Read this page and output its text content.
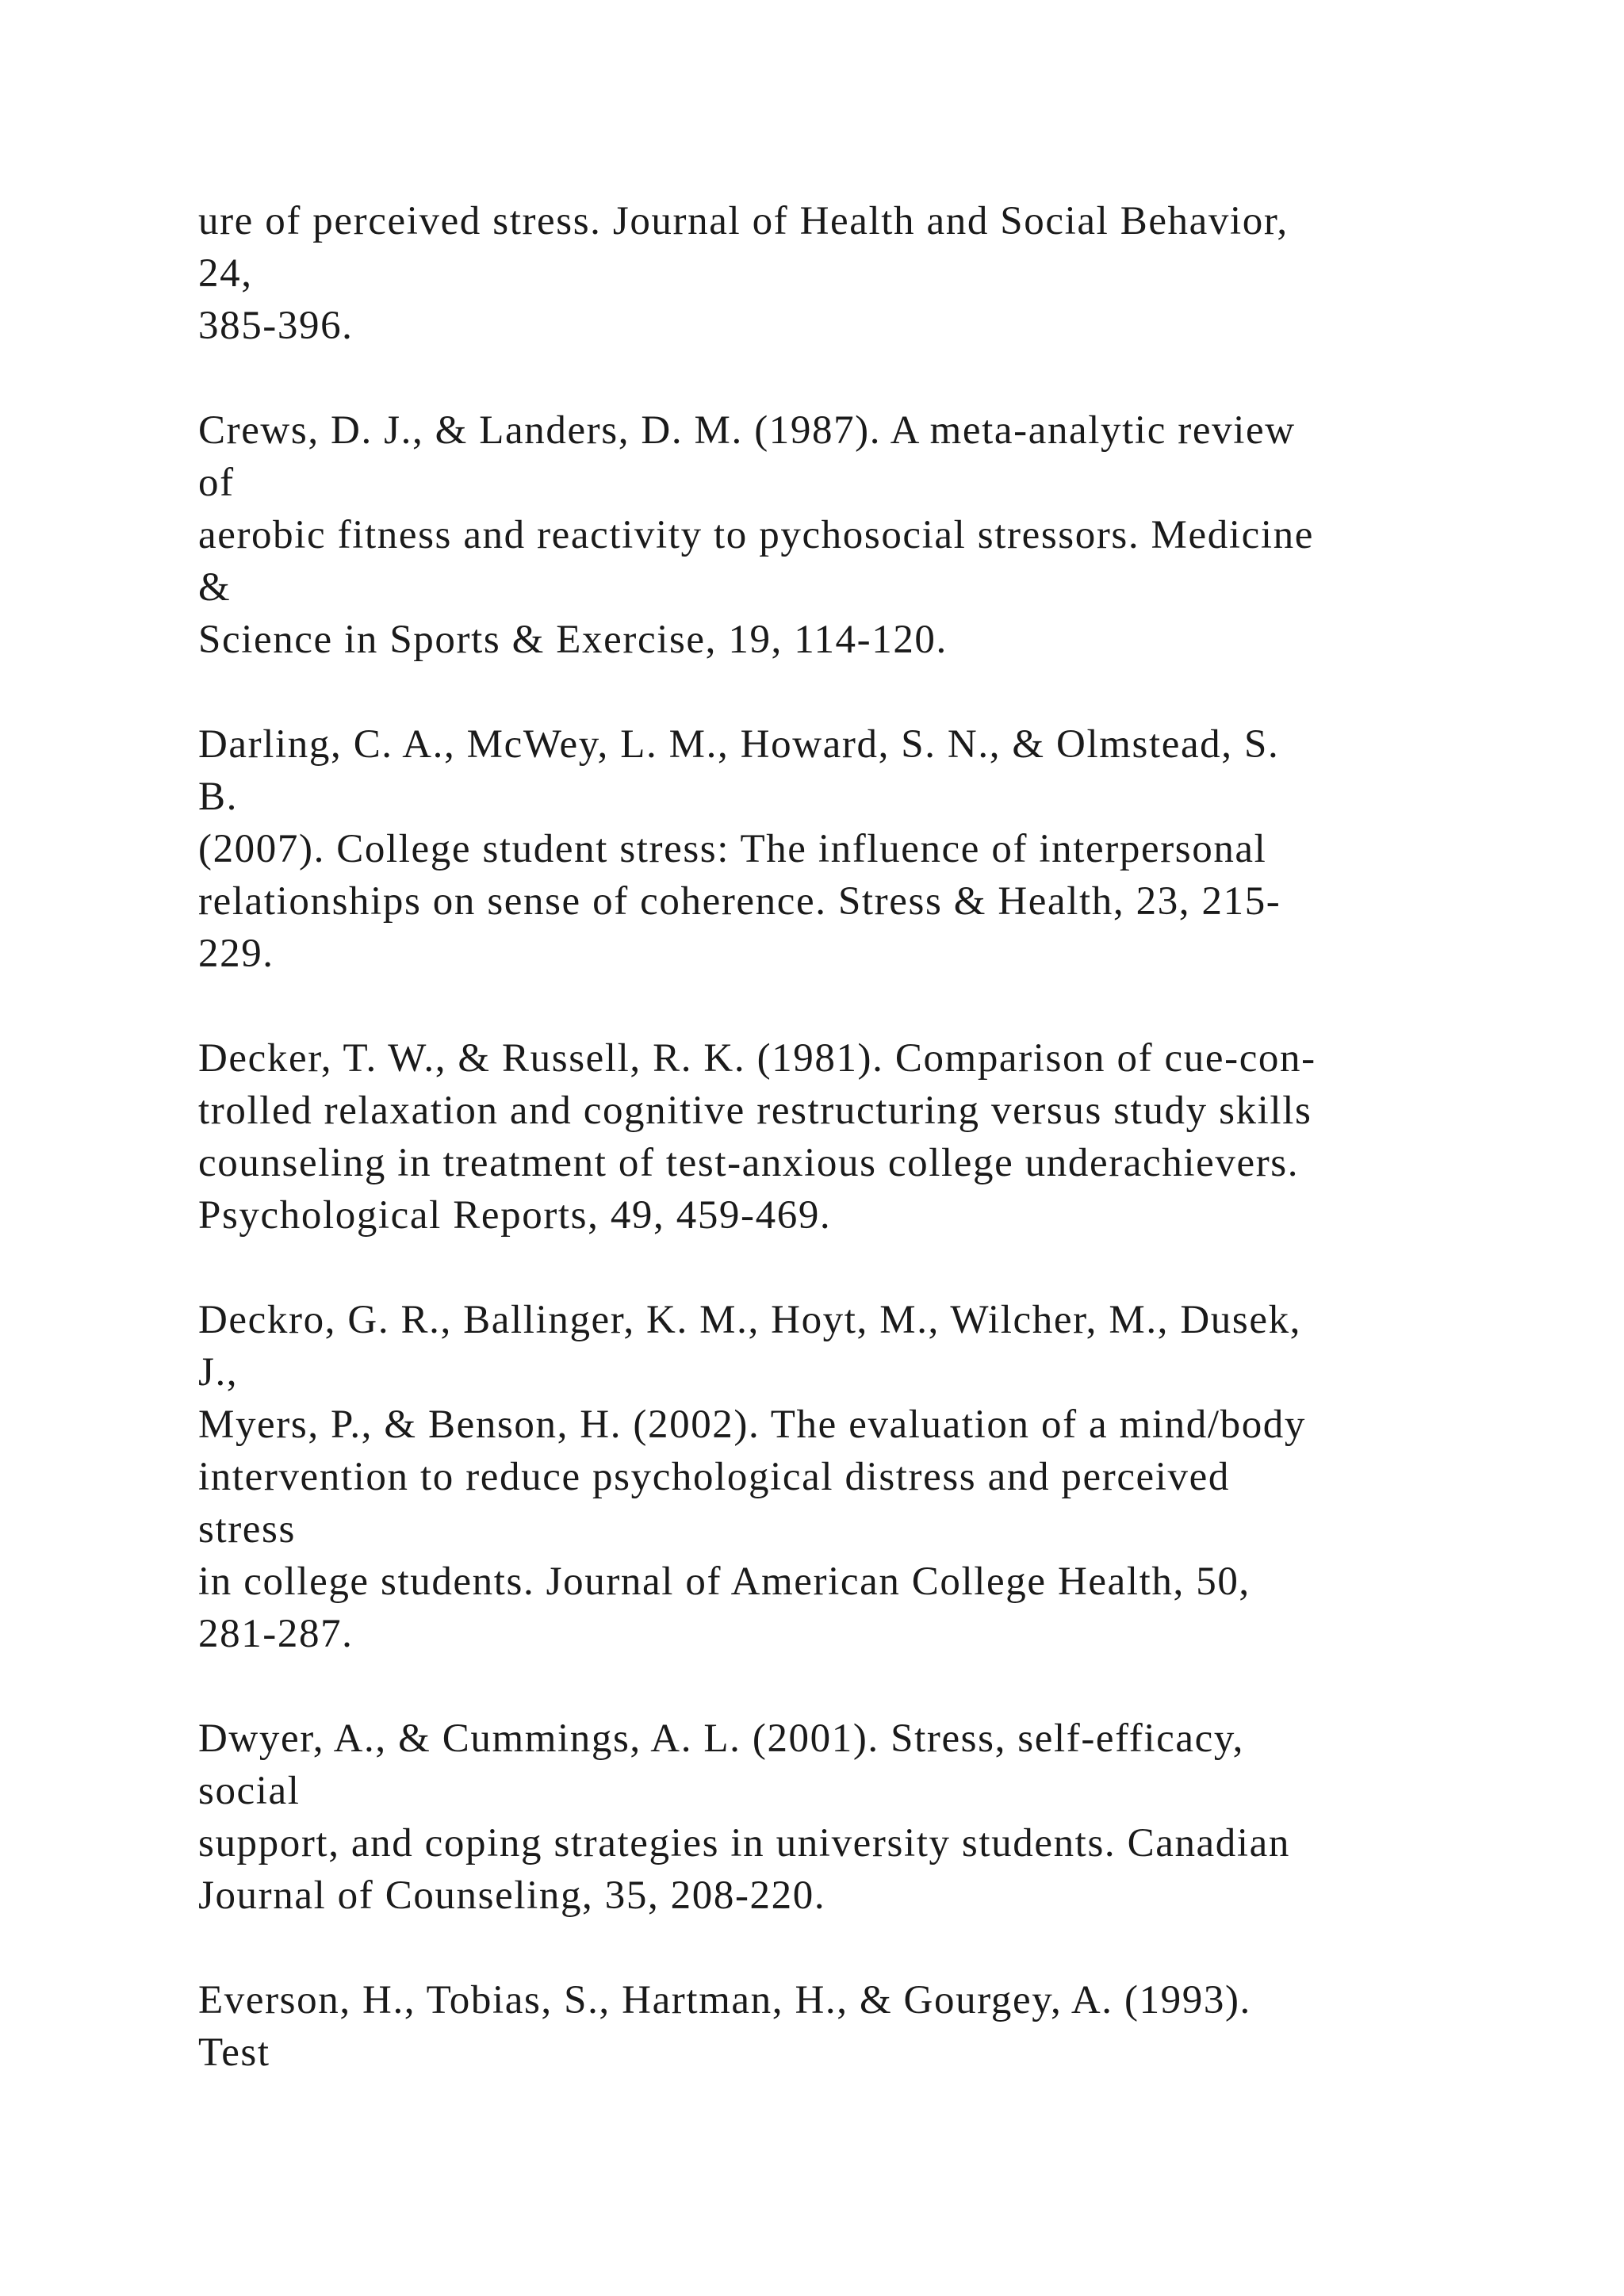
ure of perceived stress. Journal of Health and Social Behavior,
24,
385-396.
Crews, D. J., & Landers, D. M. (1987). A meta-analytic review
of
aerobic fitness and reactivity to pychosocial stressors. Medicine
&
Science in Sports & Exercise, 19, 114-120.
Darling, C. A., McWey, L. M., Howard, S. N., & Olmstead, S.
B.
(2007). College student stress: The influence of interpersonal
relationships on sense of coherence. Stress & Health, 23, 215-
229.
Decker, T. W., & Russell, R. K. (1981). Comparison of cue-con-
trolled relaxation and cognitive restructuring versus study skills
counseling in treatment of test-anxious college underachievers.
Psychological Reports, 49, 459-469.
Deckro, G. R., Ballinger, K. M., Hoyt, M., Wilcher, M., Dusek,
J.,
Myers, P., & Benson, H. (2002). The evaluation of a mind/body
intervention to reduce psychological distress and perceived
stress
in college students. Journal of American College Health, 50,
281-287.
Dwyer, A., & Cummings, A. L. (2001). Stress, self-efficacy,
social
support, and coping strategies in university students. Canadian
Journal of Counseling, 35, 208-220.
Everson, H., Tobias, S., Hartman, H., & Gourgey, A. (1993).
Test
